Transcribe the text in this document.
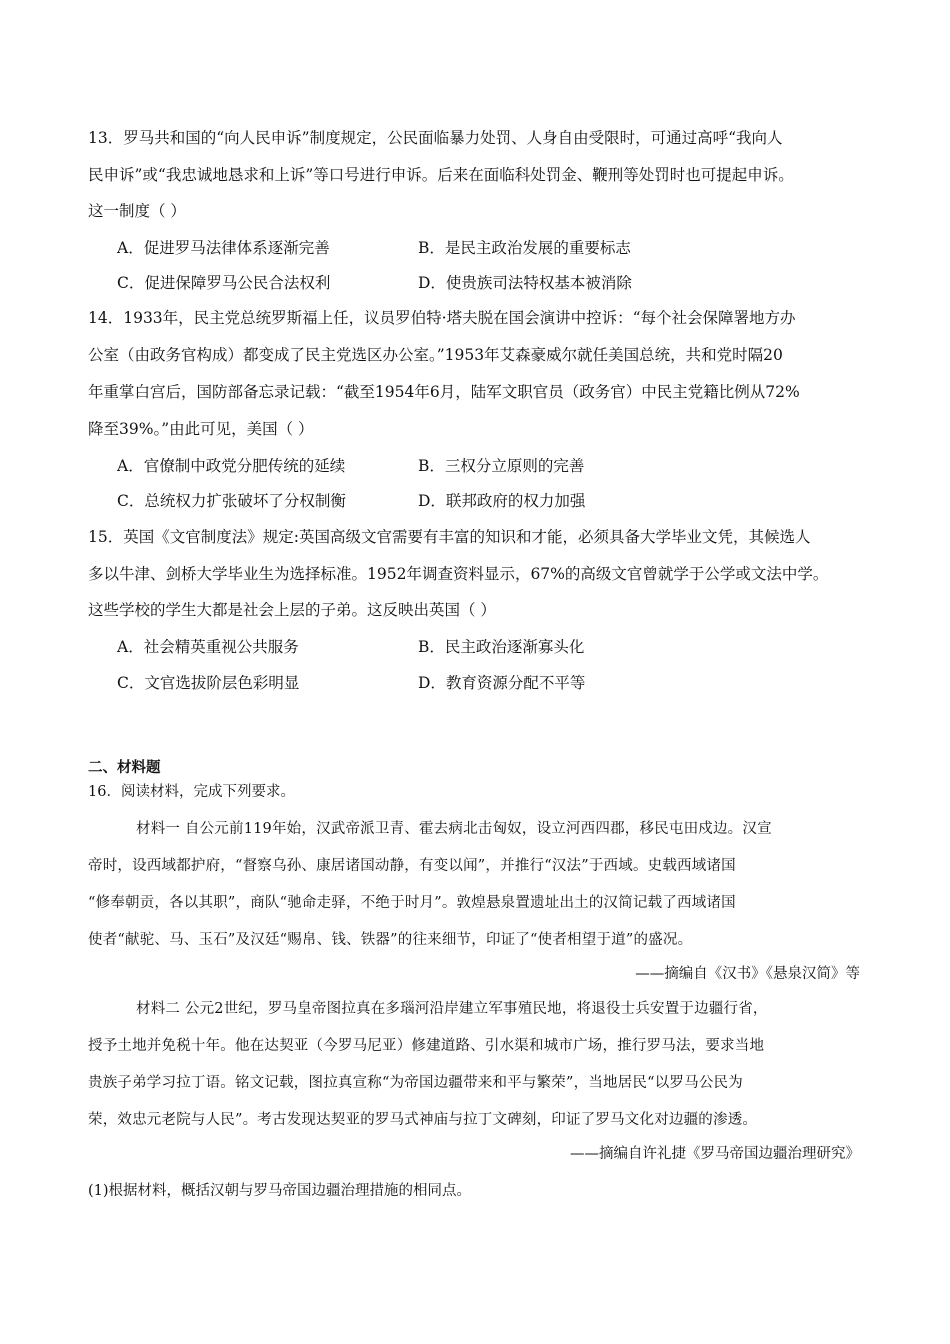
13．罗马共和国的“向人民申诉”制度规定，公民面临暴力处罚、人身自由受限时，可通过高呼“我向人
民申诉”或“我忠诚地恳求和上诉”等口号进行申诉。后来在面临科处罚金、鞭刑等处罚时也可提起申诉。
这一制度（ ）
A．促进罗马法律体系逐渐完善	B．是民主政治发展的重要标志
C．促进保障罗马公民合法权利	D．使贵族司法特权基本被消除
14．1933年，民主党总统罗斯福上任，议员罗伯特·塔夫脱在国会演讲中控诉：“每个社会保障署地方办
公室（由政务官构成）都变成了民主党选区办公室。”1953年艾森豪威尔就任美国总统，共和党时隔20
年重掌白宫后，国防部备忘录记载：“截至1954年6月，陆军文职官员（政务官）中民主党籍比例从72%
降至39%。”由此可见，美国（ ）
A．官僚制中政党分肥传统的延续	B．三权分立原则的完善
C．总统权力扩张破坏了分权制衡	D．联邦政府的权力加强
15．英国《文官制度法》规定:英国高级文官需要有丰富的知识和才能，必须具备大学毕业文凭，其候选人
多以牛津、剑桥大学毕业生为选择标准。1952年调查资料显示，67%的高级文官曾就学于公学或文法中学。
这些学校的学生大都是社会上层的子弟。这反映出英国（ ）
A．社会精英重视公共服务	B．民主政治逐渐寡头化
C．文官选拔阶层色彩明显	D．教育资源分配不平等
二、材料题
16．阅读材料，完成下列要求。
材料一 自公元前119年始，汉武帝派卫青、霍去病北击匈奴，设立河西四郡，移民屯田戍边。汉宣
帝时，设西域都护府，“督察乌孙、康居诸国动静，有变以闻”，并推行“汉法”于西域。史载西域诸国
“修奉朝贡，各以其职”，商队“驰命走驿，不绝于时月”。敦煌悬泉置遗址出土的汉简记载了西域诸国
使者“献驼、马、玉石”及汉廷“赐帛、钱、铁器”的往来细节，印证了“使者相望于道”的盛况。
——摘编自《汉书》《悬泉汉简》等
材料二 公元2世纪，罗马皇帝图拉真在多瑙河沿岸建立军事殖民地，将退役士兵安置于边疆行省，
授予土地并免税十年。他在达契亚（今罗马尼亚）修建道路、引水渠和城市广场，推行罗马法，要求当地
贵族子弟学习拉丁语。铭文记载，图拉真宣称“为帝国边疆带来和平与繁荣”，当地居民“以罗马公民为
荣，效忠元老院与人民”。考古发现达契亚的罗马式神庙与拉丁文碑刻，印证了罗马文化对边疆的渗透。
——摘编自许礼捷《罗马帝国边疆治理研究》
(1)根据材料，概括汉朝与罗马帝国边疆治理措施的相同点。
